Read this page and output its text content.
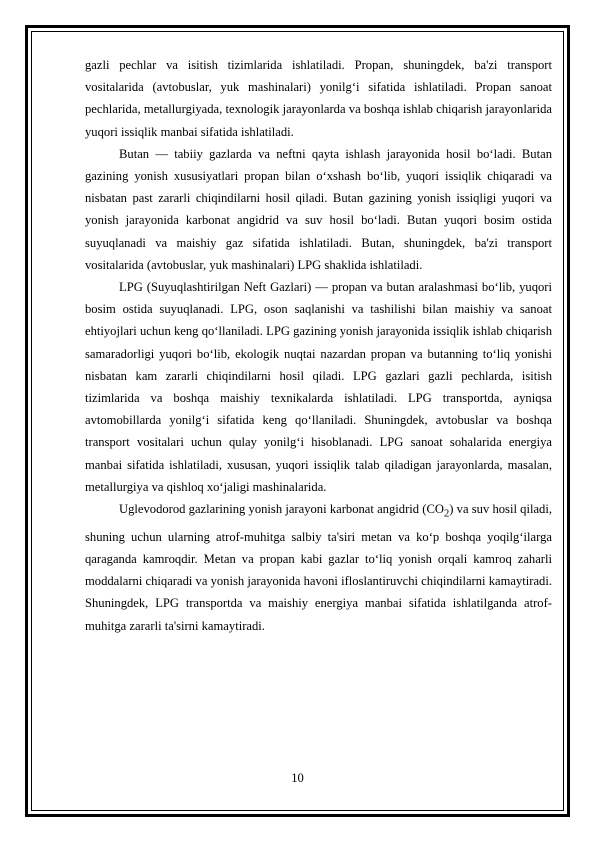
gazli pechlar va isitish tizimlarida ishlatiladi. Propan, shuningdek, ba'zi transport vositalarida (avtobuslar, yuk mashinalari) yonilg‘i sifatida ishlatiladi. Propan sanoat pechlarida, metallurgiyada, texnologik jarayonlarda va boshqa ishlab chiqarish jarayonlarida yuqori issiqlik manbai sifatida ishlatiladi.

Butan — tabiiy gazlarda va neftni qayta ishlash jarayonida hosil bo‘ladi. Butan gazining yonish xususiyatlari propan bilan o‘xshash bo‘lib, yuqori issiqlik chiqaradi va nisbatan past zararli chiqindilarni hosil qiladi. Butan gazining yonish issiqligi yuqori va yonish jarayonida karbonat angidrid va suv hosil bo‘ladi. Butan yuqori bosim ostida suyuqlanadi va maishiy gaz sifatida ishlatiladi. Butan, shuningdek, ba'zi transport vositalarida (avtobuslar, yuk mashinalari) LPG shaklida ishlatiladi.

LPG (Suyuqlashtirilgan Neft Gazlari) — propan va butan aralashmasi bo‘lib, yuqori bosim ostida suyuqlanadi. LPG, oson saqlanishi va tashilishi bilan maishiy va sanoat ehtiyojlari uchun keng qo‘llaniladi. LPG gazining yonish jarayonida issiqlik ishlab chiqarish samaradorligi yuqori bo‘lib, ekologik nuqtai nazardan propan va butanning to‘liq yonishi nisbatan kam zararli chiqindilarni hosil qiladi. LPG gazlari gazli pechlarda, isitish tizimlarida va boshqa maishiy texnikalarda ishlatiladi. LPG transportda, ayniqsa avtomobillarda yonilg‘i sifatida keng qo‘llaniladi. Shuningdek, avtobuslar va boshqa transport vositalari uchun qulay yonilg‘i hisoblanadi. LPG sanoat sohalarida energiya manbai sifatida ishlatiladi, xususan, yuqori issiqlik talab qiladigan jarayonlarda, masalan, metallurgiya va qishloq xo‘jaligi mashinalarida.

Uglevodorod gazlarining yonish jarayoni karbonat angidrid $(CO_2)$ va suv hosil qiladi, shuning uchun ularning atrof-muhitga salbiy ta'siri metan va ko‘p boshqa yoqilg‘ilarga qaraganda kamroqdir. Metan va propan kabi gazlar to‘liq yonish orqali kamroq zaharli moddalarni chiqaradi va yonish jarayonida havoni ifloslantiruvchi chiqindilarni kamaytiradi. Shuningdek, LPG transportda va maishiy energiya manbai sifatida ishlatilganda atrof-muhitga zararli ta'sirni kamaytiradi.

10
